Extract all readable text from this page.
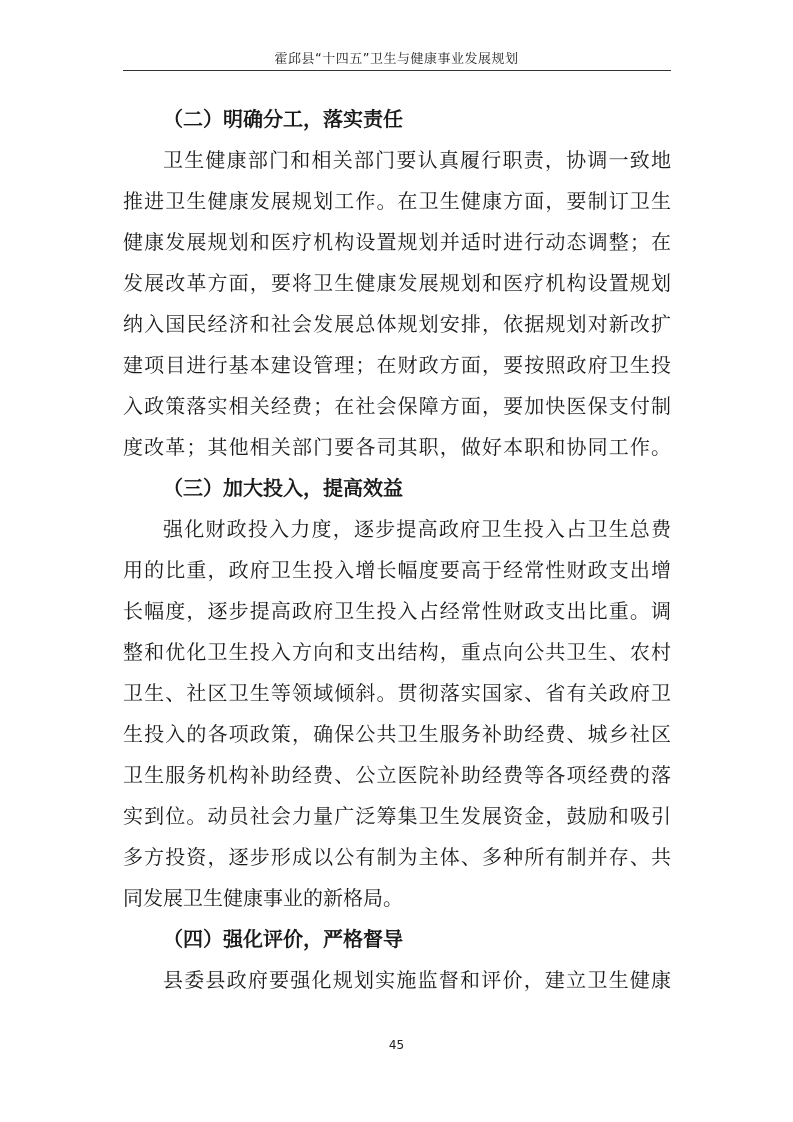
霍邱县“十四五”卫生与健康事业发展规划
（二）明确分工，落实责任
卫生健康部门和相关部门要认真履行职责，协调一致地
推进卫生健康发展规划工作。在卫生健康方面，要制订卫生
健康发展规划和医疗机构设置规划并适时进行动态调整；在
发展改革方面，要将卫生健康发展规划和医疗机构设置规划
纳入国民经济和社会发展总体规划安排，依据规划对新改扩
建项目进行基本建设管理；在财政方面，要按照政府卫生投
入政策落实相关经费；在社会保障方面，要加快医保支付制
度改革；其他相关部门要各司其职，做好本职和协同工作。
（三）加大投入，提高效益
强化财政投入力度，逐步提高政府卫生投入占卫生总费
用的比重，政府卫生投入增长幅度要高于经常性财政支出增
长幅度，逐步提高政府卫生投入占经常性财政支出比重。调
整和优化卫生投入方向和支出结构，重点向公共卫生、农村
卫生、社区卫生等领域倾斜。贯彻落实国家、省有关政府卫
生投入的各项政策，确保公共卫生服务补助经费、城乡社区
卫生服务机构补助经费、公立医院补助经费等各项经费的落
实到位。动员社会力量广泛筹集卫生发展资金，鼓励和吸引
多方投资，逐步形成以公有制为主体、多种所有制并存、共
同发展卫生健康事业的新格局。
（四）强化评价，严格督导
县委县政府要强化规划实施监督和评价，建立卫生健康
45
